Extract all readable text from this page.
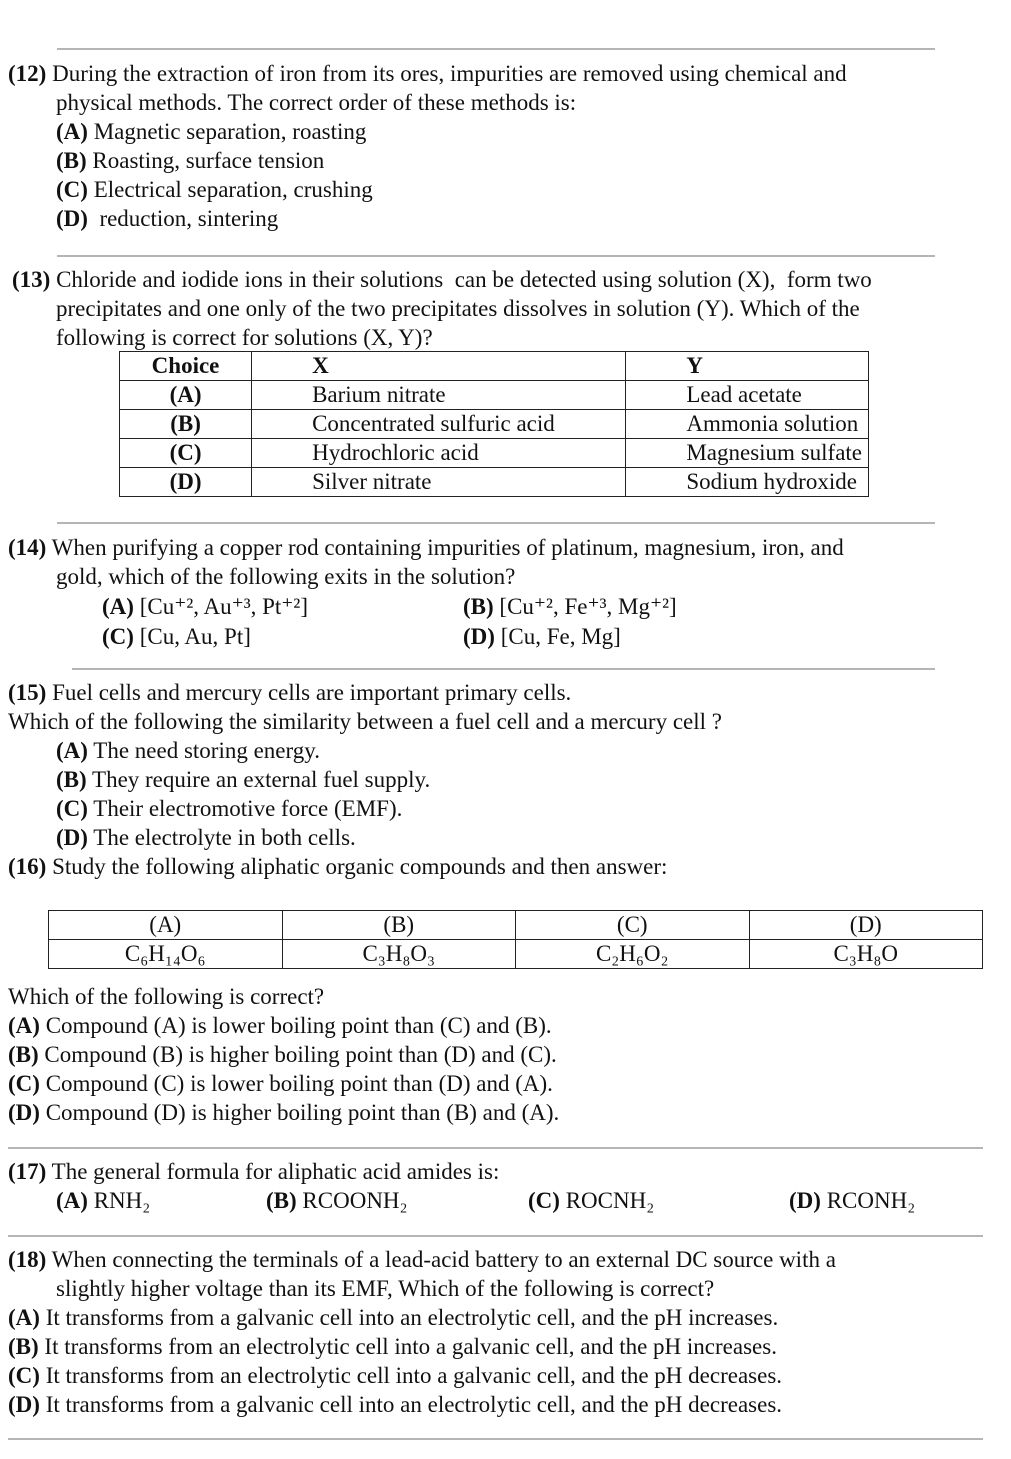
(12) During the extraction of iron from its ores, impurities are removed using chemical and
physical methods. The correct order of these methods is:
(A) Magnetic separation, roasting
(B) Roasting, surface tension
(C) Electrical separation, crushing
(D)  reduction, sintering
(13) Chloride and iodide ions in their solutions  can be detected using solution (X),  form two
precipitates and one only of the two precipitates dissolves in solution (Y). Which of the
following is correct for solutions (X, Y)?
Choice	X	Y
(A)	Barium nitrate	Lead acetate
(B)	Concentrated sulfuric acid	Ammonia solution
(C)	Hydrochloric acid	Magnesium sulfate
(D)	Silver nitrate	Sodium hydroxide
(14) When purifying a copper rod containing impurities of platinum, magnesium, iron, and
gold, which of the following exits in the solution?
(A) [Cu⁺², Au⁺³, Pt⁺²]	(B) [Cu⁺², Fe⁺³, Mg⁺²]
(C) [Cu, Au, Pt]	(D) [Cu, Fe, Mg]
(15) Fuel cells and mercury cells are important primary cells.
Which of the following the similarity between a fuel cell and a mercury cell ?
(A) The need storing energy.
(B) They require an external fuel supply.
(C) Their electromotive force (EMF).
(D) The electrolyte in both cells.
(16) Study the following aliphatic organic compounds and then answer:
(A)	(B)	(C)	(D)
C₆H₁₄O₆	C₃H₈O₃	C₂H₆O₂	C₃H₈O
Which of the following is correct?
(A) Compound (A) is lower boiling point than (C) and (B).
(B) Compound (B) is higher boiling point than (D) and (C).
(C) Compound (C) is lower boiling point than (D) and (A).
(D) Compound (D) is higher boiling point than (B) and (A).
(17) The general formula for aliphatic acid amides is:
(A) RNH₂	(B) RCOONH₂	(C) ROCNH₂	(D) RCONH₂
(18) When connecting the terminals of a lead-acid battery to an external DC source with a
slightly higher voltage than its EMF, Which of the following is correct?
(A) It transforms from a galvanic cell into an electrolytic cell, and the pH increases.
(B) It transforms from an electrolytic cell into a galvanic cell, and the pH increases.
(C) It transforms from an electrolytic cell into a galvanic cell, and the pH decreases.
(D) It transforms from a galvanic cell into an electrolytic cell, and the pH decreases.
